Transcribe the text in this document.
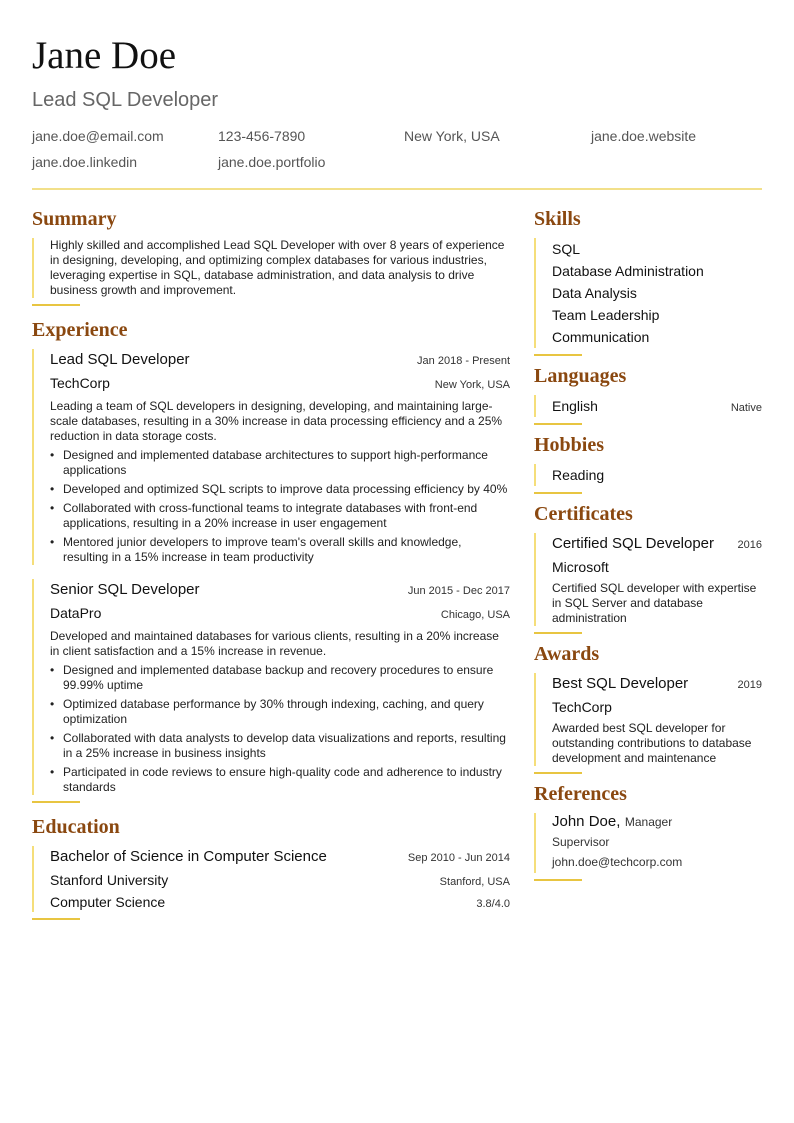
Jane Doe
Lead SQL Developer
jane.doe@email.com	123-456-7890	New York, USA	jane.doe.website
jane.doe.linkedin	jane.doe.portfolio
Summary
Highly skilled and accomplished Lead SQL Developer with over 8 years of experience in designing, developing, and optimizing complex databases for various industries, leveraging expertise in SQL, database administration, and data analysis to drive business growth and improvement.
Experience
Lead SQL Developer	Jan 2018 - Present
TechCorp	New York, USA
Leading a team of SQL developers in designing, developing, and maintaining large-scale databases, resulting in a 30% increase in data processing efficiency and a 25% reduction in data storage costs.
• Designed and implemented database architectures to support high-performance applications
• Developed and optimized SQL scripts to improve data processing efficiency by 40%
• Collaborated with cross-functional teams to integrate databases with front-end applications, resulting in a 20% increase in user engagement
• Mentored junior developers to improve team's overall skills and knowledge, resulting in a 15% increase in team productivity
Senior SQL Developer	Jun 2015 - Dec 2017
DataPro	Chicago, USA
Developed and maintained databases for various clients, resulting in a 20% increase in client satisfaction and a 15% increase in revenue.
• Designed and implemented database backup and recovery procedures to ensure 99.99% uptime
• Optimized database performance by 30% through indexing, caching, and query optimization
• Collaborated with data analysts to develop data visualizations and reports, resulting in a 25% increase in business insights
• Participated in code reviews to ensure high-quality code and adherence to industry standards
Education
Bachelor of Science in Computer Science	Sep 2010 - Jun 2014
Stanford University	Stanford, USA
Computer Science	3.8/4.0
Skills
SQL
Database Administration
Data Analysis
Team Leadership
Communication
Languages
English	Native
Hobbies
Reading
Certificates
Certified SQL Developer 2016
Microsoft
Certified SQL developer with expertise in SQL Server and database administration
Awards
Best SQL Developer	2019
TechCorp
Awarded best SQL developer for outstanding contributions to database development and maintenance
References
John Doe, Manager
Supervisor
john.doe@techcorp.com
